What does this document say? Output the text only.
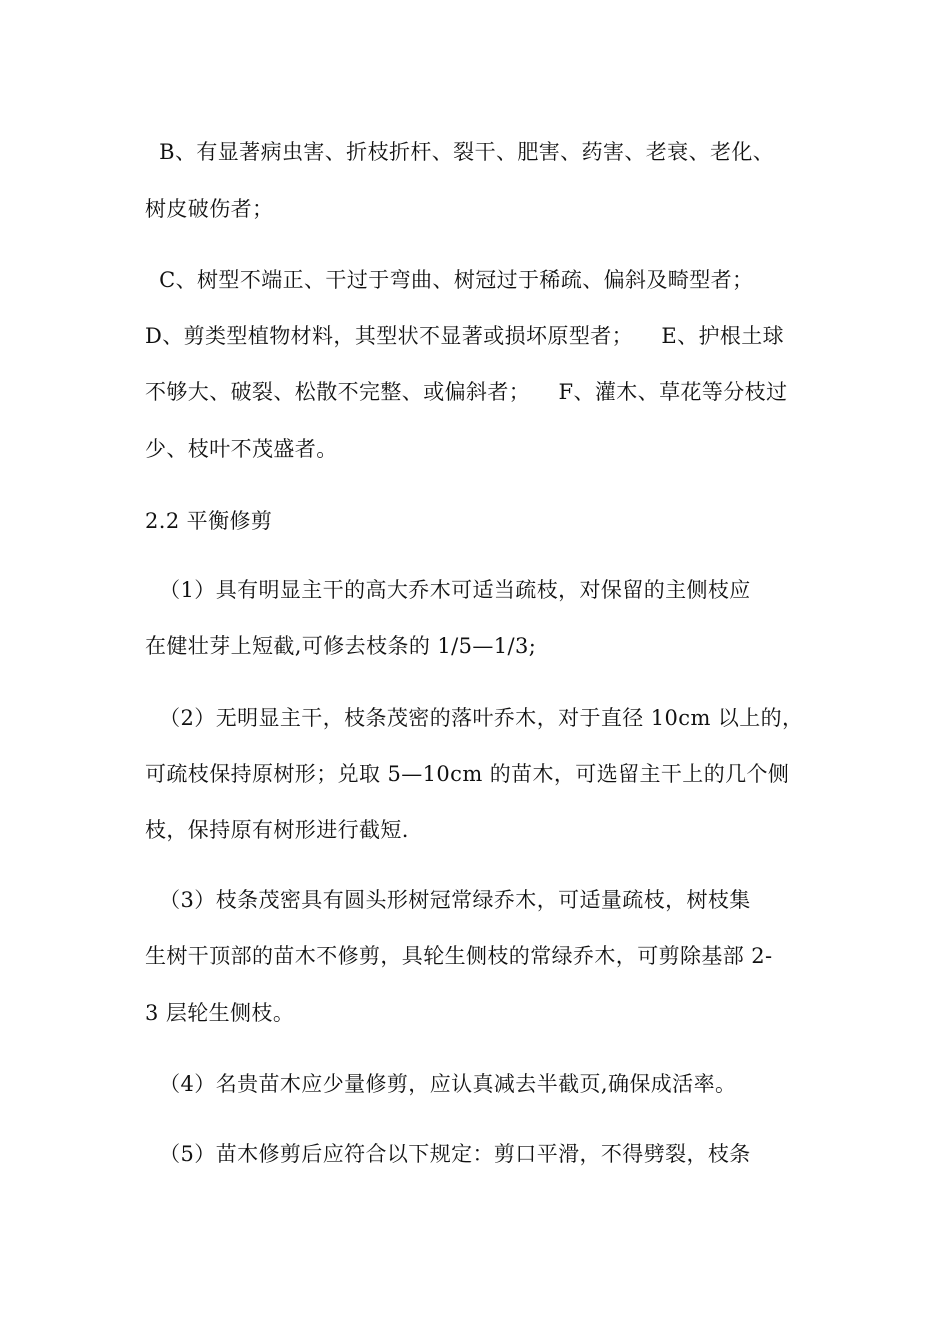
B、有显著病虫害、折枝折杆、裂干、肥害、药害、老衰、老化、
树皮破伤者；
C、树型不端正、干过于弯曲、树冠过于稀疏、偏斜及畸型者；
D、剪类型植物材料，其型状不显著或损坏原型者；    E、护根土球
不够大、破裂、松散不完整、或偏斜者；    F、灌木、草花等分枝过
少、枝叶不茂盛者。
2.2 平衡修剪
（1）具有明显主干的高大乔木可适当疏枝，对保留的主侧枝应
在健壮芽上短截,可修去枝条的 1/5—1/3;
（2）无明显主干，枝条茂密的落叶乔木，对于直径 10cm 以上的，
可疏枝保持原树形；兑取 5—10cm 的苗木，可选留主干上的几个侧
枝，保持原有树形进行截短.
（3）枝条茂密具有圆头形树冠常绿乔木，可适量疏枝，树枝集
生树干顶部的苗木不修剪，具轮生侧枝的常绿乔木，可剪除基部 2-
3 层轮生侧枝。
（4）名贵苗木应少量修剪，应认真减去半截页,确保成活率。
（5）苗木修剪后应符合以下规定：剪口平滑，不得劈裂，枝条
